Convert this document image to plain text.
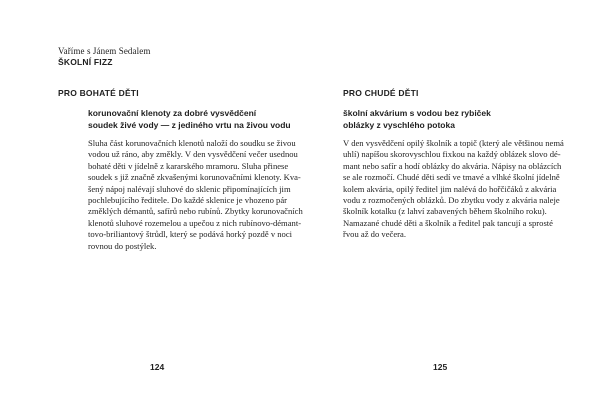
Vaříme s Jánem Sedalem
ŠKOLNÍ FIZZ
PRO BOHATÉ DĚTI
korunovační klenoty za dobré vysvědčení
soudek živé vody — z jediného vrtu na živou vodu
Sluha část korunovačních klenotů naloží do soudku se živou
vodou už ráno, aby změkly. V den vysvědčení večer usednou
bohaté děti v jídelně z kararského mramoru. Sluha přinese
soudek s již značně zkvašenými korunovačními klenoty. Kva-
šený nápoj nalévají sluhové do sklenic připomínajících jim
pochlebujícího ředitele. Do každé sklenice je vhozeno pár
změklých démantů, safírů nebo rubínů. Zbytky korunovačních
klenotů sluhové rozemelou a upečou z nich rubínovo-démant-
tovo-briliantový štrůdl, který se podává horký pozdě v noci
rovnou do postýlek.
124
PRO CHUDÉ DĚTI
školní akvárium s vodou bez rybiček
oblázky z vyschlého potoka
V den vysvědčení opilý školník a topič (který ale většinou nemá
uhlí) napíšou skorovyschlou fixkou na každý oblázek slovo dé-
mant nebo safír a hodí oblázky do akvária. Nápisy na oblázcích
se ale rozmočí. Chudé děti sedí ve tmavé a vlhké školní jídelně
kolem akvária, opilý ředitel jim nalévá do hořčičáků z akvária
vodu z rozmočených oblázků. Do zbytku vody z akvária naleje
školník kotalku (z lahví zabavených během školního roku).
Namazané chudé děti a školník a ředitel pak tancují a sprosté
řvou až do večera.
125
